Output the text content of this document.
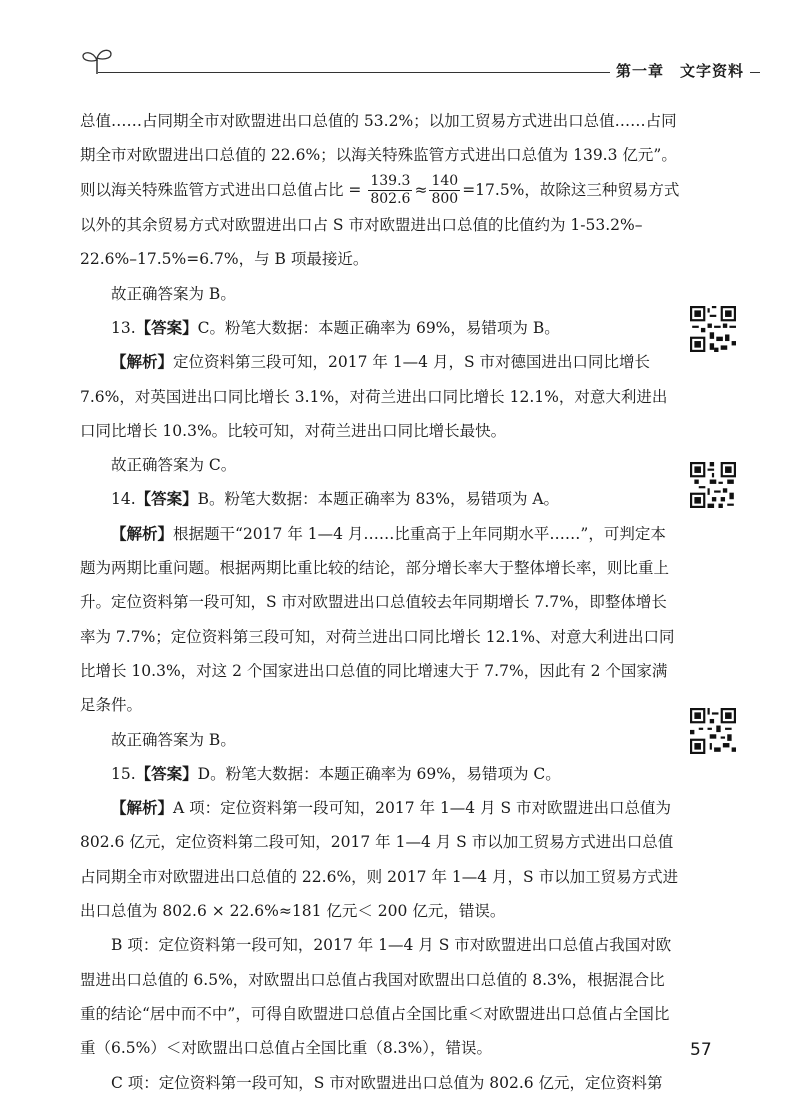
第一章　文字资料

总值……占同期全市对欧盟进出口总值的 53.2%；以加工贸易方式进出口总值……占同期全市对欧盟进出口总值的 22.6%；以海关特殊监管方式进出口总值为 139.3 亿元”。则以海关特殊监管方式进出口总值占比 = $\frac{139.3}{802.6} \approx \frac{140}{800} =17.5\%$，故除这三种贸易方式以外的其余贸易方式对欧盟进出口占 S 市对欧盟进出口总值的比值约为 1-53.2%–22.6%–17.5%=6.7%，与 B 项最接近。

故正确答案为 B。

13.【答案】C。粉笔大数据：本题正确率为 69%，易错项为 B。

【解析】定位资料第三段可知，2017 年 1—4 月，S 市对德国进出口同比增长 7.6%，对英国进出口同比增长 3.1%，对荷兰进出口同比增长 12.1%，对意大利进出口同比增长 10.3%。比较可知，对荷兰进出口同比增长最快。

故正确答案为 C。

14.【答案】B。粉笔大数据：本题正确率为 83%，易错项为 A。

【解析】根据题干“2017 年 1—4 月……比重高于上年同期水平……”，可判定本题为两期比重问题。根据两期比重比较的结论，部分增长率大于整体增长率，则比重上升。定位资料第一段可知，S 市对欧盟进出口总值较去年同期增长 7.7%，即整体增长率为 7.7%；定位资料第三段可知，对荷兰进出口同比增长 12.1%、对意大利进出口同比增长 10.3%，对这 2 个国家进出口总值的同比增速大于 7.7%，因此有 2 个国家满足条件。

故正确答案为 B。

15.【答案】D。粉笔大数据：本题正确率为 69%，易错项为 C。

【解析】A 项：定位资料第一段可知，2017 年 1—4 月 S 市对欧盟进出口总值为 802.6 亿元，定位资料第二段可知，2017 年 1—4 月 S 市以加工贸易方式进出口总值占同期全市对欧盟进出口总值的 22.6%，则 2017 年 1—4 月，S 市以加工贸易方式进出口总值为 802.6 × 22.6%≈181 亿元＜ 200 亿元，错误。

B 项：定位资料第一段可知，2017 年 1—4 月 S 市对欧盟进出口总值占我国对欧盟进出口总值的 6.5%，对欧盟出口总值占我国对欧盟出口总值的 8.3%，根据混合比重的结论“居中而不中”，可得自欧盟进口总值占全国比重＜对欧盟进出口总值占全国比重（6.5%）＜对欧盟出口总值占全国比重（8.3%），错误。

C 项：定位资料第一段可知，S 市对欧盟进出口总值为 802.6 亿元，定位资料第

57
